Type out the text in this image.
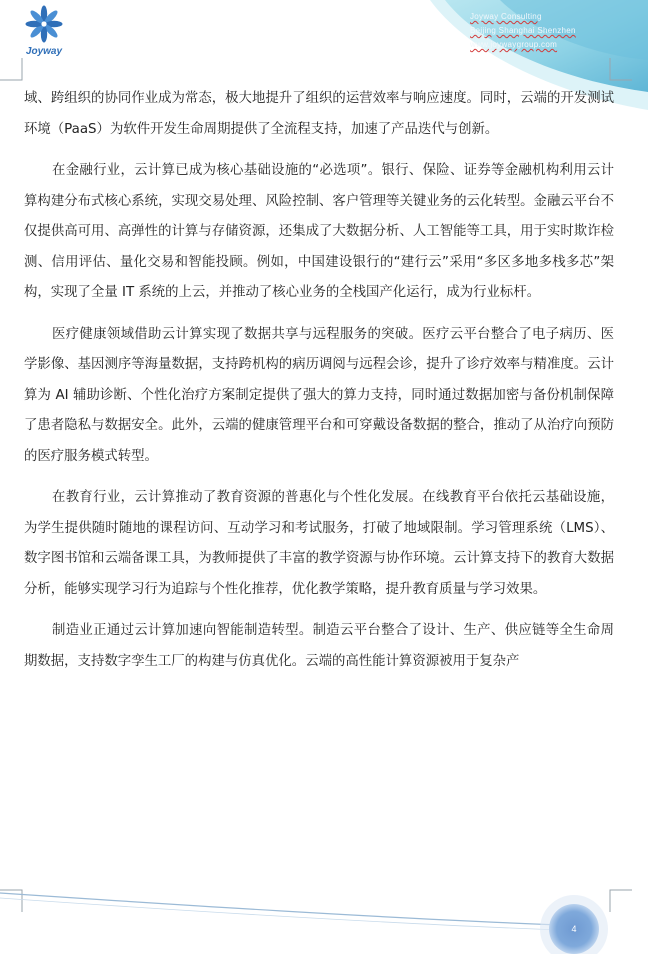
Joyway
Joyway Consulting
Beijing Shanghai Shenzhen
www.joywaygroup.com

域、跨组织的协同作业成为常态，极大地提升了组织的运营效率与响应速度。同时，云端的开发测试环境（PaaS）为软件开发生命周期提供了全流程支持，加速了产品迭代与创新。

在金融行业，云计算已成为核心基础设施的“必选项”。银行、保险、证券等金融机构利用云计算构建分布式核心系统，实现交易处理、风险控制、客户管理等关键业务的云化转型。金融云平台不仅提供高可用、高弹性的计算与存储资源，还集成了大数据分析、人工智能等工具，用于实时欺诈检测、信用评估、量化交易和智能投顾。例如，中国建设银行的“建行云”采用“多区多地多栈多芯”架构，实现了全量 IT 系统的上云，并推动了核心业务的全栈国产化运行，成为行业标杆。

医疗健康领域借助云计算实现了数据共享与远程服务的突破。医疗云平台整合了电子病历、医学影像、基因测序等海量数据，支持跨机构的病历调阅与远程会诊，提升了诊疗效率与精准度。云计算为 AI 辅助诊断、个性化治疗方案制定提供了强大的算力支持，同时通过数据加密与备份机制保障了患者隐私与数据安全。此外，云端的健康管理平台和可穿戴设备数据的整合，推动了从治疗向预防的医疗服务模式转型。

在教育行业，云计算推动了教育资源的普惠化与个性化发展。在线教育平台依托云基础设施，为学生提供随时随地的课程访问、互动学习和考试服务，打破了地域限制。学习管理系统（LMS）、数字图书馆和云端备课工具，为教师提供了丰富的教学资源与协作环境。云计算支持下的教育大数据分析，能够实现学习行为追踪与个性化推荐，优化教学策略，提升教育质量与学习效果。

制造业正通过云计算加速向智能制造转型。制造云平台整合了设计、生产、供应链等全生命周期数据，支持数字孪生工厂的构建与仿真优化。云端的高性能计算资源被用于复杂产

4
